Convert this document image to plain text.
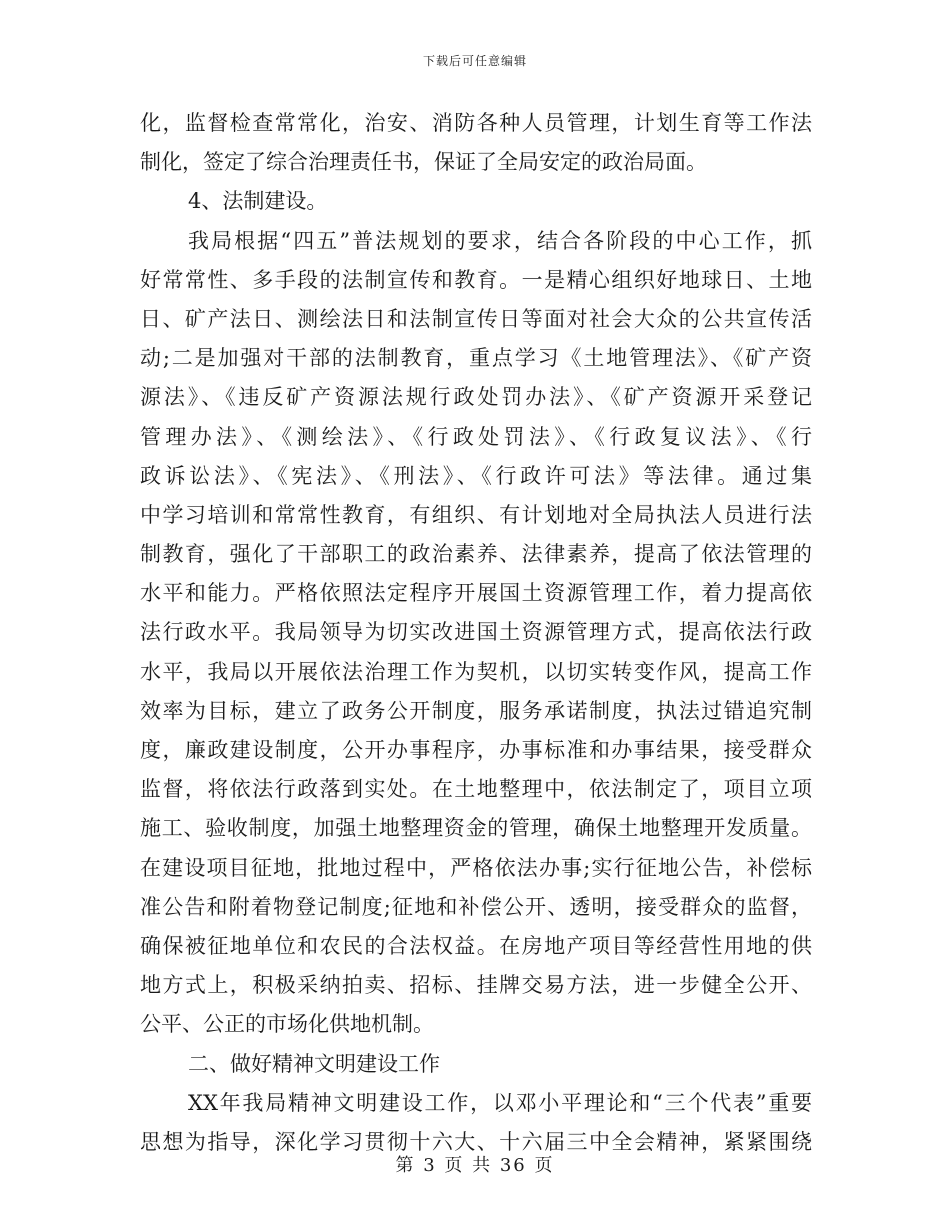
下载后可任意编辑
化，监督检查常常化，治安、消防各种人员管理，计划生育等工作法
制化，签定了综合治理责任书，保证了全局安定的政治局面。
4、法制建设。
我局根据“四五”普法规划的要求，结合各阶段的中心工作，抓
好常常性、多手段的法制宣传和教育。一是精心组织好地球日、土地
日、矿产法日、测绘法日和法制宣传日等面对社会大众的公共宣传活
动;二是加强对干部的法制教育，重点学习《土地管理法》、《矿产资
源法》、《违反矿产资源法规行政处罚办法》、《矿产资源开采登记
管理办法》、《测绘法》、《行政处罚法》、《行政复议法》、《行
政诉讼法》、《宪法》、《刑法》、《行政许可法》等法律。通过集
中学习培训和常常性教育，有组织、有计划地对全局执法人员进行法
制教育，强化了干部职工的政治素养、法律素养，提高了依法管理的
水平和能力。严格依照法定程序开展国土资源管理工作，着力提高依
法行政水平。我局领导为切实改进国土资源管理方式，提高依法行政
水平，我局以开展依法治理工作为契机，以切实转变作风，提高工作
效率为目标，建立了政务公开制度，服务承诺制度，执法过错追究制
度，廉政建设制度，公开办事程序，办事标准和办事结果，接受群众
监督，将依法行政落到实处。在土地整理中，依法制定了，项目立项
施工、验收制度，加强土地整理资金的管理，确保土地整理开发质量。
在建设项目征地，批地过程中，严格依法办事;实行征地公告，补偿标
准公告和附着物登记制度;征地和补偿公开、透明，接受群众的监督，
确保被征地单位和农民的合法权益。在房地产项目等经营性用地的供
地方式上，积极采纳拍卖、招标、挂牌交易方法，进一步健全公开、
公平、公正的市场化供地机制。
二、做好精神文明建设工作
XX年我局精神文明建设工作，以邓小平理论和“三个代表”重要
思想为指导，深化学习贯彻十六大、十六届三中全会精神，紧紧围绕
第 3 页 共 36 页
